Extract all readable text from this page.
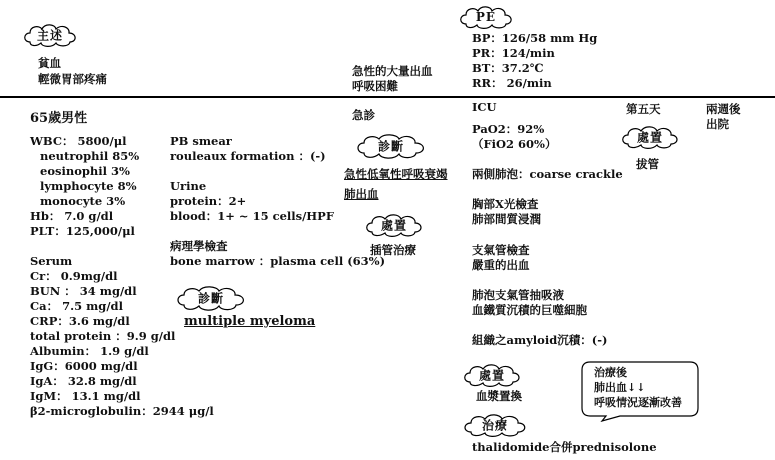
主述
PE
診斷
診斷
處置
處置
處置
治療
治療後
肺出血↓↓
呼吸情況逐漸改善
貧血
輕微胃部疼痛
急性的大量出血
呼吸困難
BP：126/58 mm Hg
PR：124/min
BT：37.2℃
RR： 26/min
65歲男性
WBC： 5800/μl
neutrophil 85%
eosinophil 3%
lymphocyte 8%
monocyte 3%
Hb： 7.0 g/dl
PLT：125,000/μl
Serum
Cr： 0.9mg/dl
BUN ： 34 mg/dl
Ca： 7.5 mg/dl
CRP：3.6 mg/dl
total protein ：9.9 g/dl
Albumin： 1.9 g/dl
IgG：6000 mg/dl
IgA： 32.8 mg/dl
IgM： 13.1 mg/dl
β2-microglobulin：2944 μg/l
PB smear
rouleaux formation ：(-)
Urine
protein：2+
blood：1+ ~ 15 cells/HPF
病理學檢查
bone marrow ：plasma cell (63%)
multiple myeloma
急診
急性低氧性呼吸衰竭
肺出血
插管治療
ICU
PaO2：92%
（FiO2 60%）
第五天	兩週後
出院
拔管
兩側肺泡：coarse crackle
胸部X光檢查
肺部間質浸潤
支氣管檢查
嚴重的出血
肺泡支氣管抽吸液
血鐵質沉積的巨噬細胞
組織之amyloid沉積：(-)
血漿置換
thalidomide合併prednisolone
